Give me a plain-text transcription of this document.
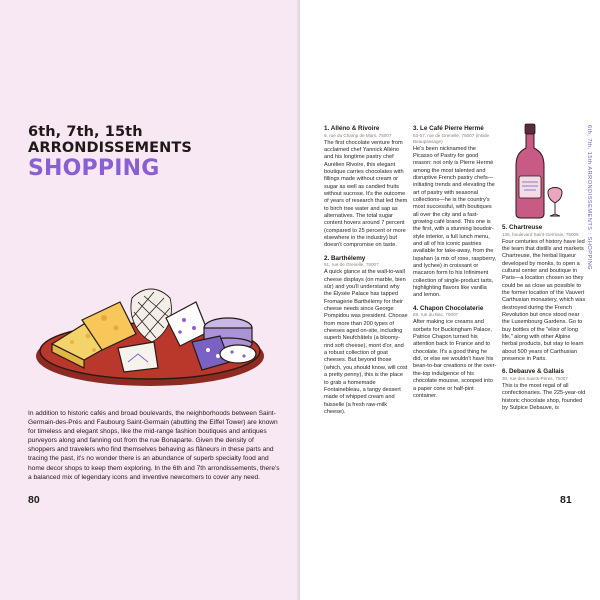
6th, 7th, 15th
ARRONDISSEMENTS
SHOPPING
In addition to historic cafés and broad boulevards, the neighborhoods between Saint-Germain-des-Prés and Faubourg Saint-Germain (abutting the Eiffel Tower) are known for timeless and elegant shops, like the mid-range fashion boutiques and antiques purveyors along and fanning out from the rue Bonaparte. Given the density of shoppers and travelers who find themselves behaving as flâneurs in these parts and tracing the past, it's no wonder there is an abundance of superb specialty food and home decor shops to keep them exploring. In the 6th and 7th arrondissements, there's a balanced mix of legendary icons and inventive newcomers to cover any need.
80
1. Alléno & Rivoire
9, rue du Champ de Mars, 75007
The first chocolate venture from acclaimed chef Yannick Alléno and his longtime pastry chef Aurélien Rivoire, this elegant boutique carries chocolates with fillings made without cream or sugar as well as candied fruits without sucrose. It's the outcome of years of research that led them to birch tree water and sap as alternatives. The total sugar content hovers around 7 percent (compared to 25 percent or more elsewhere in the industry) but doesn't compromise on taste.
2. Barthélemy
51, rue de Grenelle, 75007
A quick glance at the wall-to-wall cheese displays (on marble, bien sûr) and you'll understand why the Élysée Palace has tapped Fromagerie Barthélemy for their cheese needs since George Pompidou was president. Choose from more than 200 types of cheeses aged on-site, including superb Neufchâtels (a bloomy-rind soft cheese), mont d'or, and a robust collection of goat cheeses. But beyond those (which, you should know, will cost a pretty penny), this is the place to grab a homemade Fontainebleau, a tangy dessert made of whipped cream and faisselle (a fresh raw-milk cheese).
3. Le Café Pierre Hermé
53-57, rue de Grenelle, 75007 (inside Beaupassage)
He's been nicknamed the Picasso of Pastry for good reason: not only is Pierre Hermé among the most talented and disruptive French pastry chefs—initiating trends and elevating the art of pastry with seasonal collections—he is the country's most successful, with boutiques all over the city and a fast-growing café brand. This one is the first, with a stunning boudoir-style interior, a full lunch menu, and all of his iconic pastries available for take-away, from the Ispahan (a mix of rose, raspberry, and lychee) in croissant or macaron form to his Infiniment collection of single-product tarts, highlighting flavors like vanilla and lemon.
4. Chapon Chocolaterie
69, rue du Bac, 75007
After making ice creams and sorbets for Buckingham Palace, Patrice Chapon turned his attention back to France and to chocolate. It's a good thing he did, or else we wouldn't have his bean-to-bar creations or the over-the-top indulgence of his chocolate mousse, scooped into a paper cone or half-pint container.
5. Chartreuse
135, boulevard Saint-Germain, 75006
Four centuries of history have led the team that distills and markets Chartreuse, the herbal liqueur developed by monks, to open a cultural center and boutique in Paris—a location chosen so they could be as close as possible to the former location of the Vauvert Carthusian monastery, which was destroyed during the French Revolution but once stood near the Luxembourg Gardens. Go to buy bottles of the "elixir of long life," along with other Alpine herbal products, but stay to learn about 500 years of Carthusian presence in Paris.
6. Debauve & Gallais
30, rue des Saints-Pères, 75007
This is the most regal of all confectionaries. The 225-year-old historic chocolate shop, founded by Sulpice Debauve, is
6th, 7th, 15th ARRONDISSEMENTS : SHOPPING
81
